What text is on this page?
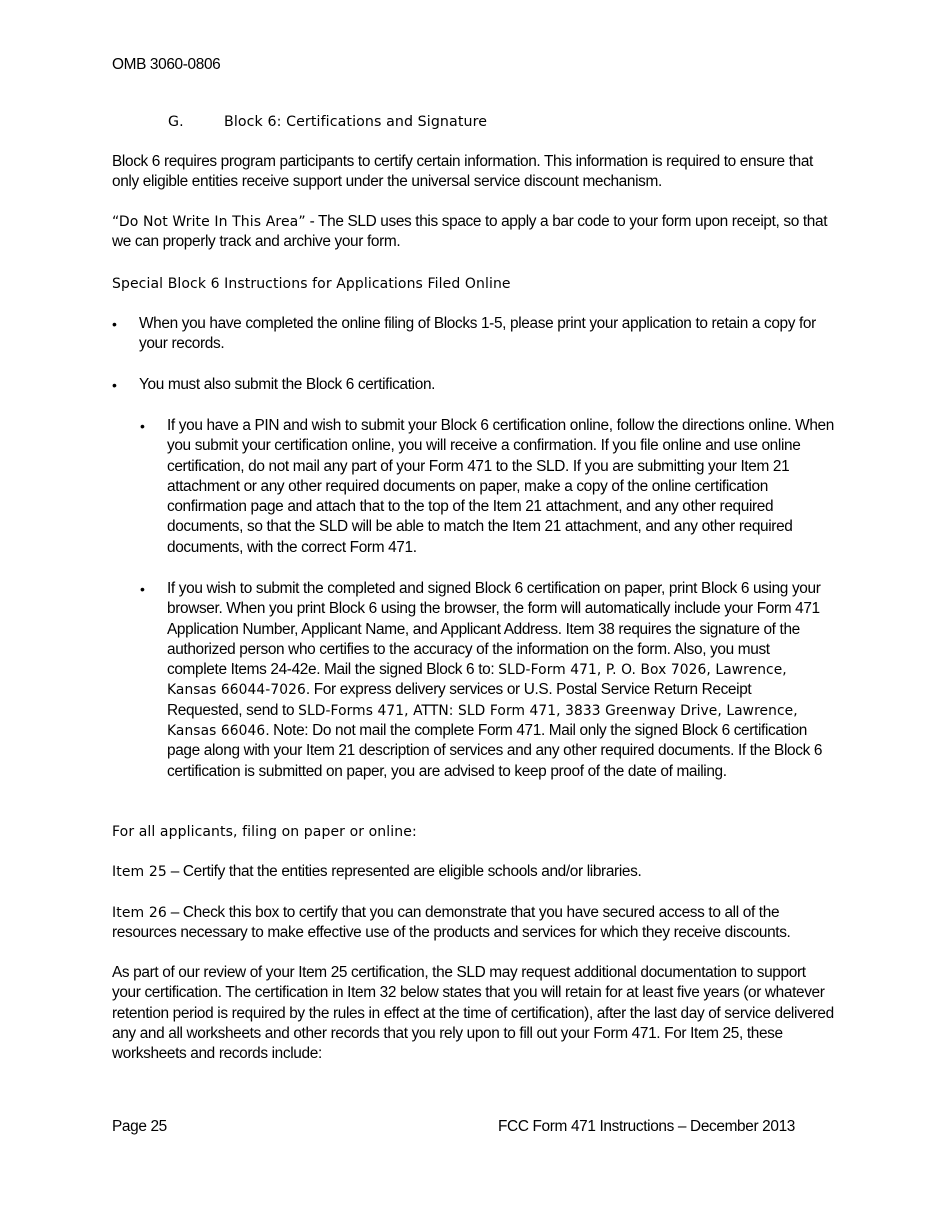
OMB 3060-0806
G.	Block 6: Certifications and Signature

Block 6 requires program participants to certify certain information. This information is required to ensure that only eligible entities receive support under the universal service discount mechanism.

“Do Not Write In This Area” - The SLD uses this space to apply a bar code to your form upon receipt, so that we can properly track and archive your form.

Special Block 6 Instructions for Applications Filed Online
•	When you have completed the online filing of Blocks 1-5, please print your application to retain a copy for your records.
•	You must also submit the Block 6 certification.
•	If you have a PIN and wish to submit your Block 6 certification online, follow the directions online. When you submit your certification online, you will receive a confirmation. If you file online and use online certification, do not mail any part of your Form 471 to the SLD. If you are submitting your Item 21 attachment or any other required documents on paper, make a copy of the online certification confirmation page and attach that to the top of the Item 21 attachment, and any other required documents, so that the SLD will be able to match the Item 21 attachment, and any other required documents, with the correct Form 471.
•	If you wish to submit the completed and signed Block 6 certification on paper, print Block 6 using your browser. When you print Block 6 using the browser, the form will automatically include your Form 471 Application Number, Applicant Name, and Applicant Address. Item 38 requires the signature of the authorized person who certifies to the accuracy of the information on the form. Also, you must complete Items 24-42e. Mail the signed Block 6 to: SLD-Form 471, P. O. Box 7026, Lawrence, Kansas 66044-7026. For express delivery services or U.S. Postal Service Return Receipt Requested, send to SLD-Forms 471, ATTN: SLD Form 471, 3833 Greenway Drive, Lawrence, Kansas 66046. Note: Do not mail the complete Form 471. Mail only the signed Block 6 certification page along with your Item 21 description of services and any other required documents. If the Block 6 certification is submitted on paper, you are advised to keep proof of the date of mailing.
For all applicants, filing on paper or online:

Item 25 – Certify that the entities represented are eligible schools and/or libraries.

Item 26 – Check this box to certify that you can demonstrate that you have secured access to all of the resources necessary to make effective use of the products and services for which they receive discounts.

As part of our review of your Item 25 certification, the SLD may request additional documentation to support your certification. The certification in Item 32 below states that you will retain for at least five years (or whatever retention period is required by the rules in effect at the time of certification), after the last day of service delivered any and all worksheets and other records that you rely upon to fill out your Form 471. For Item 25, these worksheets and records include:

Page 25	FCC Form 471 Instructions – December 2013
